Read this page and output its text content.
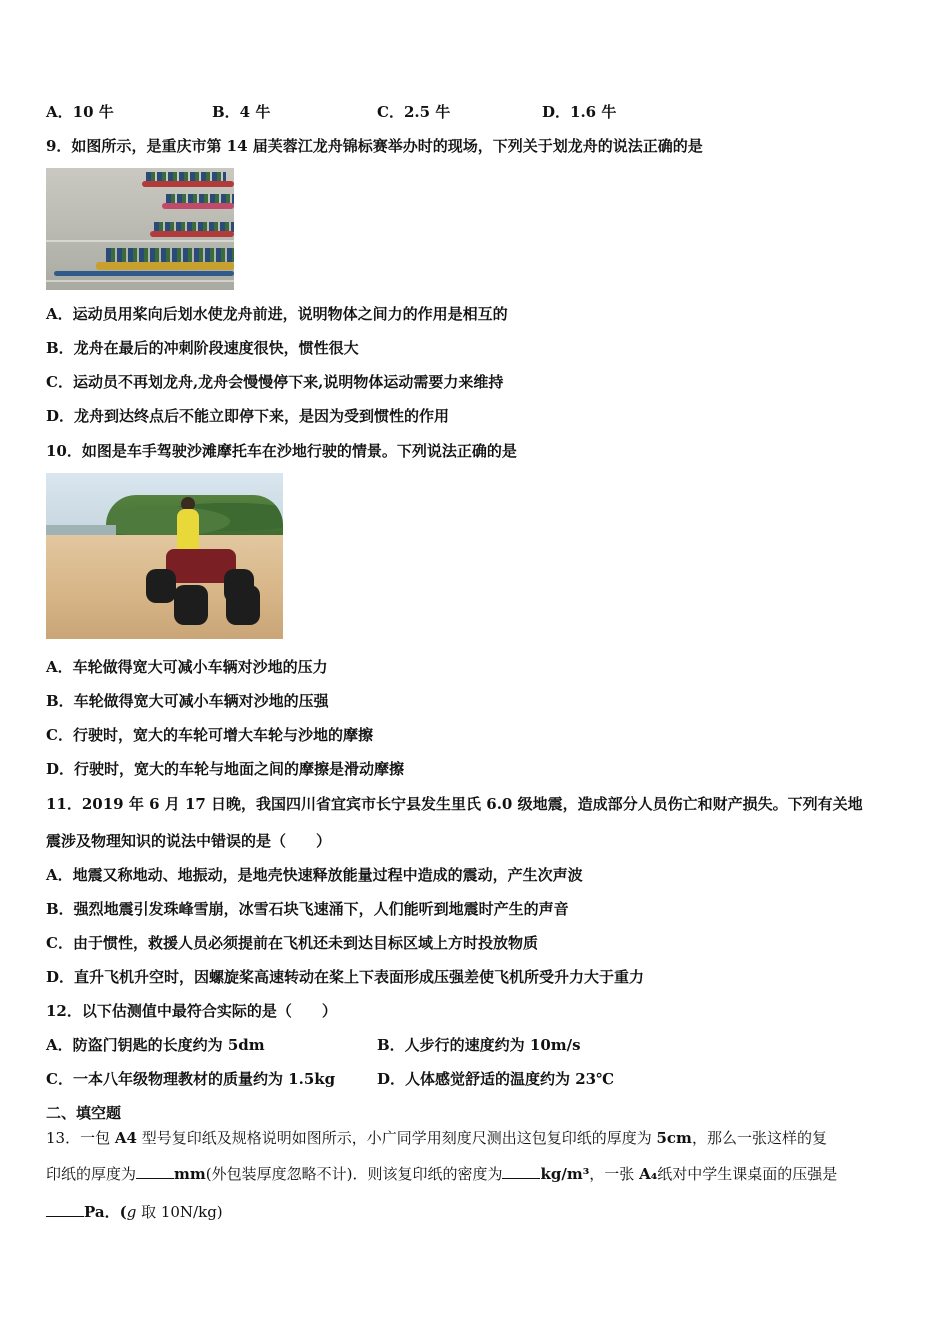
A．10 牛	B．4 牛	C．2.5 牛	D．1.6 牛
9．如图所示，是重庆市第 14 届芙蓉江龙舟锦标赛举办时的现场，下列关于划龙舟的说法正确的是
A．运动员用桨向后划水使龙舟前进，说明物体之间力的作用是相互的
B．龙舟在最后的冲刺阶段速度很快，惯性很大
C．运动员不再划龙舟,龙舟会慢慢停下来,说明物体运动需要力来维持
D．龙舟到达终点后不能立即停下来，是因为受到惯性的作用
10．如图是车手驾驶沙滩摩托车在沙地行驶的情景。下列说法正确的是
A．车轮做得宽大可减小车辆对沙地的压力
B．车轮做得宽大可减小车辆对沙地的压强
C．行驶时，宽大的车轮可增大车轮与沙地的摩擦
D．行驶时，宽大的车轮与地面之间的摩擦是滑动摩擦
11．2019 年 6 月 17 日晚，我国四川省宜宾市长宁县发生里氏 6.0 级地震，造成部分人员伤亡和财产损失。下列有关地
震涉及物理知识的说法中错误的是（　　）
A．地震又称地动、地振动，是地壳快速释放能量过程中造成的震动，产生次声波
B．强烈地震引发珠峰雪崩，冰雪石块飞速涌下，人们能听到地震时产生的声音
C．由于惯性，救援人员必须提前在飞机还未到达目标区域上方时投放物质
D．直升飞机升空时，因螺旋桨高速转动在桨上下表面形成压强差使飞机所受升力大于重力
12．以下估测值中最符合实际的是（　　）
A．防盗门钥匙的长度约为 5dm	B．人步行的速度约为 10m/s
C．一本八年级物理教材的质量约为 1.5kg	D．人体感觉舒适的温度约为 23℃
二、填空题
13．一包 A4 型号复印纸及规格说明如图所示，小广同学用刻度尺测出这包复印纸的厚度为 5cm，那么一张这样的复
印纸的厚度为	mm(外包装厚度忽略不计)．则该复印纸的密度为	kg/m³，一张 A₄纸对中学生课桌面的压强是
Pa．(g 取 10N/kg)
